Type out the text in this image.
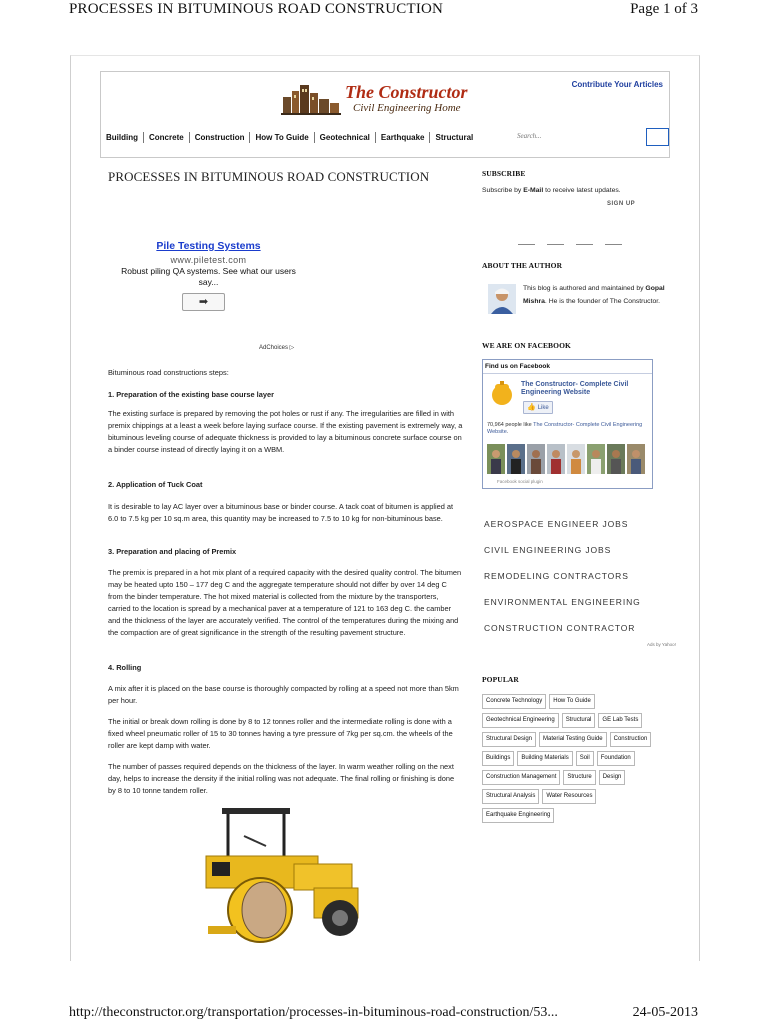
PROCESSES IN BITUMINOUS ROAD CONSTRUCTION	Page 1 of 3
Contribute Your Articles
The Constructor
Civil Engineering Home
Building	Concrete	Construction	How To Guide	Geotechnical	Earthquake	Structural
Search...
PROCESSES IN BITUMINOUS ROAD CONSTRUCTION
Pile Testing Systems
www.piletest.com
Robust piling QA systems. See what our users say...
➡
AdChoices ▷

Bituminous road constructions steps:

1. Preparation of the existing base course layer

The existing surface is prepared by removing the pot holes or rust if any. The irregularities are filled in with premix chippings at a least a week before laying surface course. If the existing pavement is extremely way, a bituminous leveling course of adequate thickness is provided to lay a bituminous concrete surface course on a binder course instead of directly laying it on a WBM.

2. Application of Tuck Coat

It is desirable to lay AC layer over a bituminous base or binder course. A tack coat of bitumen is applied at 6.0 to 7.5 kg per 10 sq.m area, this quantity may be increased to 7.5 to 10 kg for non-bituminous base.

3. Preparation and placing of Premix

The premix is prepared in a hot mix plant of a required capacity with the desired quality control. The bitumen may be heated upto 150 – 177 deg C and the aggregate temperature should not differ by over 14 deg C from the binder temperature. The hot mixed material is collected from the mixture by the transporters, carried to the location is spread by a mechanical paver at a temperature of 121 to 163 deg C. the camber and the thickness of the layer are accurately verified. The control of the temperatures during the mixing and the compaction are of great significance in the strength of the resulting pavement structure.

4. Rolling

A mix after it is placed on the base course is thoroughly compacted by rolling at a speed not more than 5km per hour.

The initial or break down rolling is done by 8 to 12 tonnes roller and the intermediate rolling is done with a fixed wheel pneumatic roller of 15 to 30 tonnes having a tyre pressure of 7kg per sq.cm. the wheels of the roller are kept damp with water.

The number of passes required depends on the thickness of the layer. In warm weather rolling on the next day, helps to increase the density if the initial rolling was not adequate. The final rolling or finishing is done by 8 to 10 tonne tandem roller.

SUBSCRIBE
Subscribe by E-Mail to receive latest updates.
SIGN UP
ABOUT THE AUTHOR
This blog is authored and maintained by Gopal Mishra. He is the founder of The Constructor.
WE ARE ON FACEBOOK
Find us on Facebook
The Constructor- Complete Civil Engineering Website
👍 Like
70,964 people like The Constructor- Complete Civil Engineering Website.
Facebook social plugin
AEROSPACE ENGINEER JOBS
CIVIL ENGINEERING JOBS
REMODELING CONTRACTORS
ENVIRONMENTAL ENGINEERING
CONSTRUCTION CONTRACTOR
Ads by Yahoo!
POPULAR
Concrete Technology	How To Guide
Geotechnical Engineering	Structural	GE Lab Tests
Structural Design	Material Testing Guide	Construction
Buildings	Building Materials	Soil	Foundation
Construction Management	Structure	Design
Structural Analysis	Water Resources
Earthquake Engineering
http://theconstructor.org/transportation/processes-in-bituminous-road-construction/53...	24-05-2013
